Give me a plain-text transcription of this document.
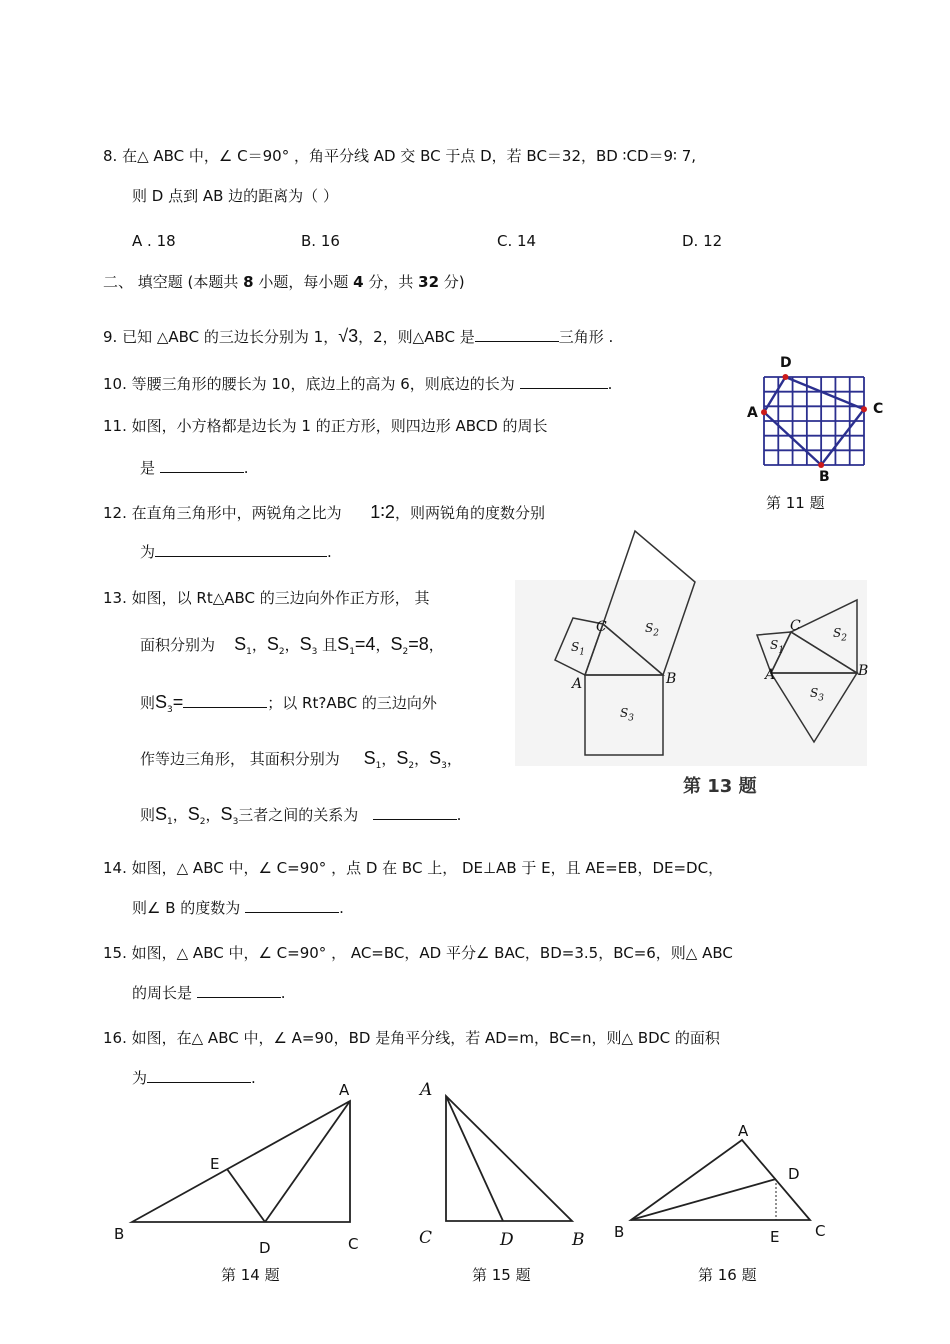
8. 在△ ABC 中，∠ C＝90° ，角平分线 AD 交 BC 于点 D，若 BC＝32，BD ∶CD＝9∶ 7,
则 D 点到 AB 边的距离为（ ）
A . 18	B. 16	C. 14	D. 12
二、 填空题 (本题共 8 小题，每小题 4 分，共 32 分)
9. 已知 △ABC 的三边长分别为 1，√3，2，则△ABC 是	三角形 .
10. 等腰三角形的腰长为 10，底边上的高为 6，则底边的长为	.
11. 如图，小方格都是边长为 1 的正方形，则四边形 ABCD 的周长
是	.
D
A	C
B
第 11 题
12. 在直角三角形中，两锐角之比为 1∶2，则两锐角的度数分别
为	.
13. 如图，以 Rt△ABC 的三边向外作正方形， 其
面积分别为 $S_1$，$S_2$，$S_3$ 且$S_1=4$，$S_2=8$，
则$S_3=$	；以 Rt?ABC 的三边向外
作等边三角形， 其面积分别为 $S_1$，$S_2$，$S_3$，
则$S_1$，$S_2$，$S_3$三者之间的关系为	.
C
A	B
C
A	B
$S_1$
$S_2$
$S_3$
$S_1$
$S_2$
$S_3$
第 13 题
14. 如图，△ ABC 中，∠ C=90° ，点 D 在 BC 上， DE⊥AB 于 E，且 AE=EB，DE=DC，
则∠ B 的度数为	.
15. 如图，△ ABC 中，∠ C=90° ， AC=BC，AD 平分∠ BAC，BD=3.5，BC=6，则△ ABC
的周长是	.
16. 如图，在△ ABC 中，∠ A=90，BD 是角平分线，若 AD=m，BC=n，则△ BDC 的面积
为	.
A
B
C
D
E
第 14 题
A
C	D	B
第 15 题
A
B	C
D
E
第 16 题
